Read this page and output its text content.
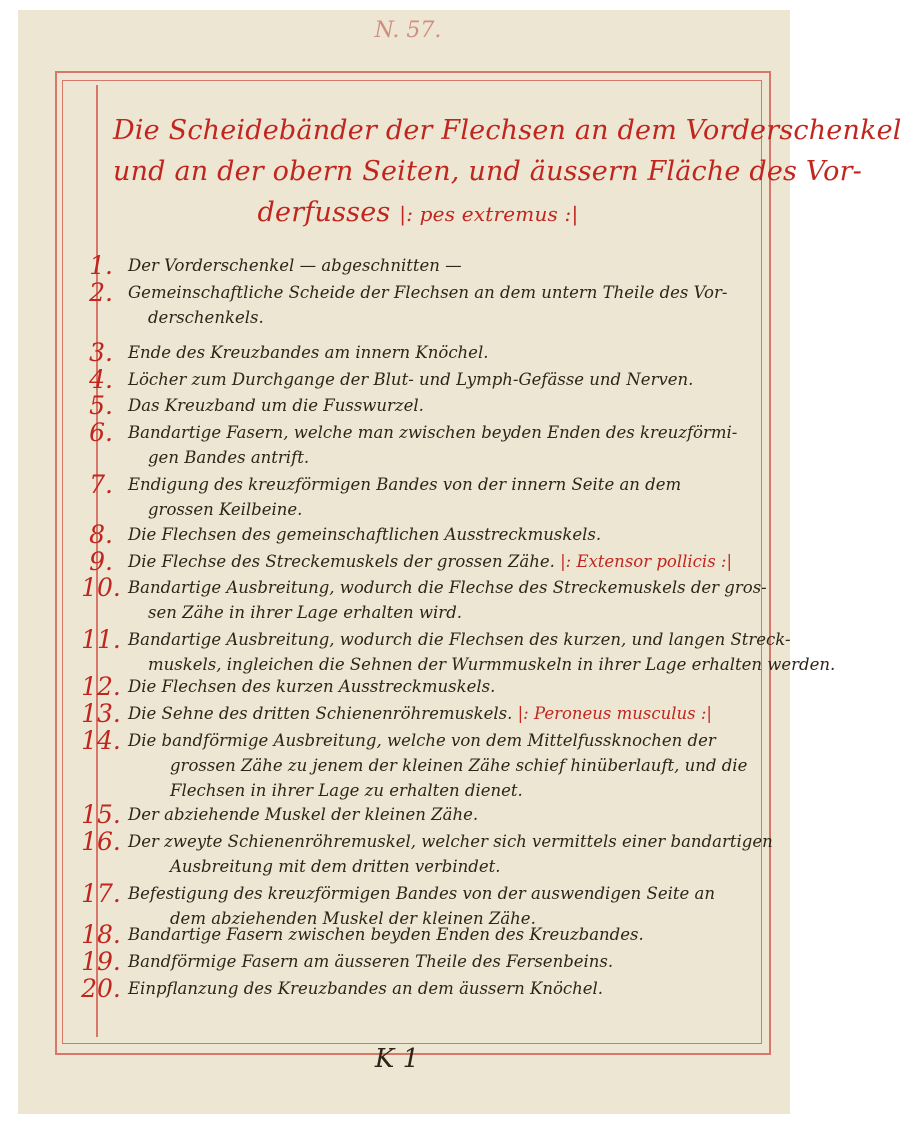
N. 57.
Die Scheidebänder der Flechsen an dem Vorderschenkel
und an der obern Seiten, und äussern Fläche des Vor-
derfusses |: pes extremus :|
1. Der Vorderschenkel — abgeschnitten —
2. Gemeinschaftliche Scheide der Flechsen an dem untern Theile des Vor-
derschenkels.
3. Ende des Kreuzbandes am innern Knöchel.
4. Löcher zum Durchgange der Blut- und Lymph-Gefässe und Nerven.
5. Das Kreuzband um die Fusswurzel.
6. Bandartige Fasern, welche man zwischen beyden Enden des kreuzförmi-
gen Bandes antrift.
7. Endigung des kreuzförmigen Bandes von der innern Seite an dem
grossen Keilbeine.
8. Die Flechsen des gemeinschaftlichen Ausstreckmuskels.
9. Die Flechse des Streckemuskels der grossen Zähe. |: Extensor pollicis :|
10. Bandartige Ausbreitung, wodurch die Flechse des Streckemuskels der gros-
sen Zähe in ihrer Lage erhalten wird.
11. Bandartige Ausbreitung, wodurch die Flechsen des kurzen, und langen Streck-
muskels, ingleichen die Sehnen der Wurmmuskeln in ihrer Lage erhalten werden.
12. Die Flechsen des kurzen Ausstreckmuskels.
13. Die Sehne des dritten Schienenröhremuskels. |: Peroneus musculus :|
14. Die bandförmige Ausbreitung, welche von dem Mittelfussknochen der
grossen Zähe zu jenem der kleinen Zähe schief hinüberlauft, und die
Flechsen in ihrer Lage zu erhalten dienet.
15. Der abziehende Muskel der kleinen Zähe.
16. Der zweyte Schienenröhremuskel, welcher sich vermittels einer bandartigen
Ausbreitung mit dem dritten verbindet.
17. Befestigung des kreuzförmigen Bandes von der auswendigen Seite an
dem abziehenden Muskel der kleinen Zähe.
18. Bandartige Fasern zwischen beyden Enden des Kreuzbandes.
19. Bandförmige Fasern am äusseren Theile des Fersenbeins.
20. Einpflanzung des Kreuzbandes an dem äussern Knöchel.
K 1
